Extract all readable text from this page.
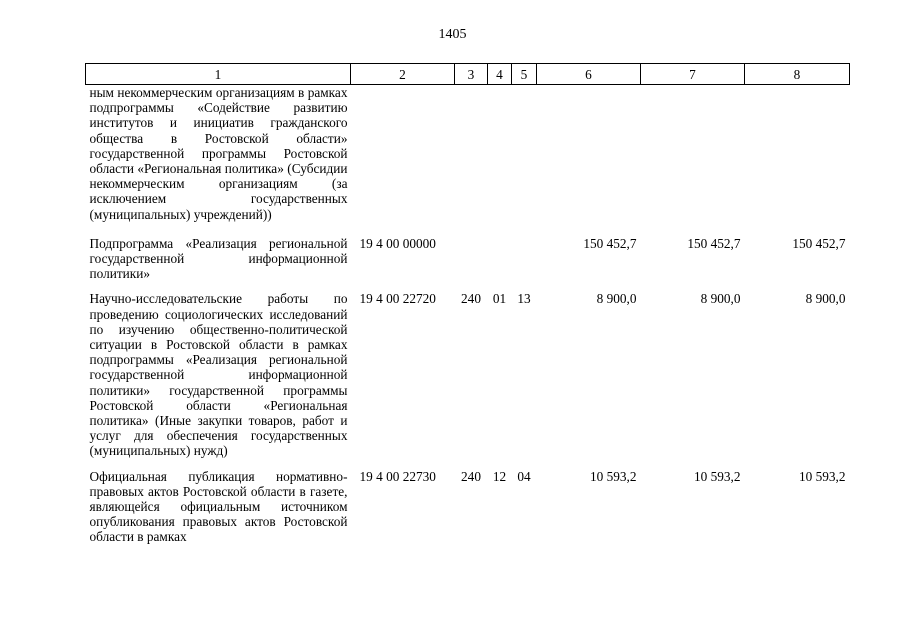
1405
1	2	3	4	5	6	7	8
ным некоммерческим организациям в рамках подпрограммы «Содействие развитию институтов и инициатив гражданского общества в Ростовской области» государственной программы Ростовской области «Региональная политика» (Субсидии некоммерческим организациям (за исключением государственных (муниципальных) учреждений))							
Подпрограмма «Реализация региональной государственной информационной политики»	19 4 00 00000				150 452,7	150 452,7	150 452,7
Научно-исследовательские работы по проведению социологических исследований по изучению общественно-политической ситуации в Ростовской области в рамках подпрограммы «Реализация региональной государственной информационной политики» государственной программы Ростовской области «Региональная политика» (Иные закупки товаров, работ и услуг для обеспечения государственных (муниципальных) нужд)	19 4 00 22720	240	01	13	8 900,0	8 900,0	8 900,0
Официальная публикация нормативно-правовых актов Ростовской области в газете, являющейся официальным источником опубликования правовых актов Ростовской области в рамках	19 4 00 22730	240	12	04	10 593,2	10 593,2	10 593,2
